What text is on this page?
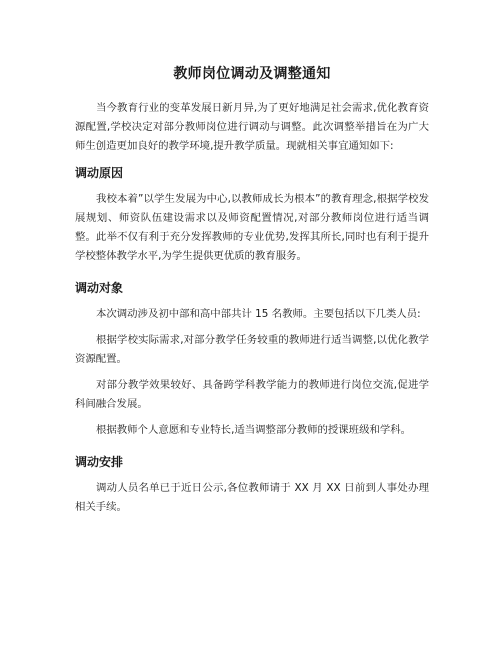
教师岗位调动及调整通知

当今教育行业的变革发展日新月异,为了更好地满足社会需求,优化教育资源配置,学校决定对部分教师岗位进行调动与调整。此次调整举措旨在为广大师生创造更加良好的教学环境,提升教学质量。现就相关事宜通知如下:

调动原因

我校本着”以学生发展为中心,以教师成长为根本”的教育理念,根据学校发展规划、师资队伍建设需求以及师资配置情况,对部分教师岗位进行适当调整。此举不仅有利于充分发挥教师的专业优势,发挥其所长,同时也有利于提升学校整体教学水平,为学生提供更优质的教育服务。

调动对象

本次调动涉及初中部和高中部共计 15 名教师。主要包括以下几类人员:

根据学校实际需求,对部分教学任务较重的教师进行适当调整,以优化教学资源配置。

对部分教学效果较好、具备跨学科教学能力的教师进行岗位交流,促进学科间融合发展。

根据教师个人意愿和专业特长,适当调整部分教师的授课班级和学科。

调动安排

调动人员名单已于近日公示,各位教师请于 XX 月 XX 日前到人事处办理相关手续。
